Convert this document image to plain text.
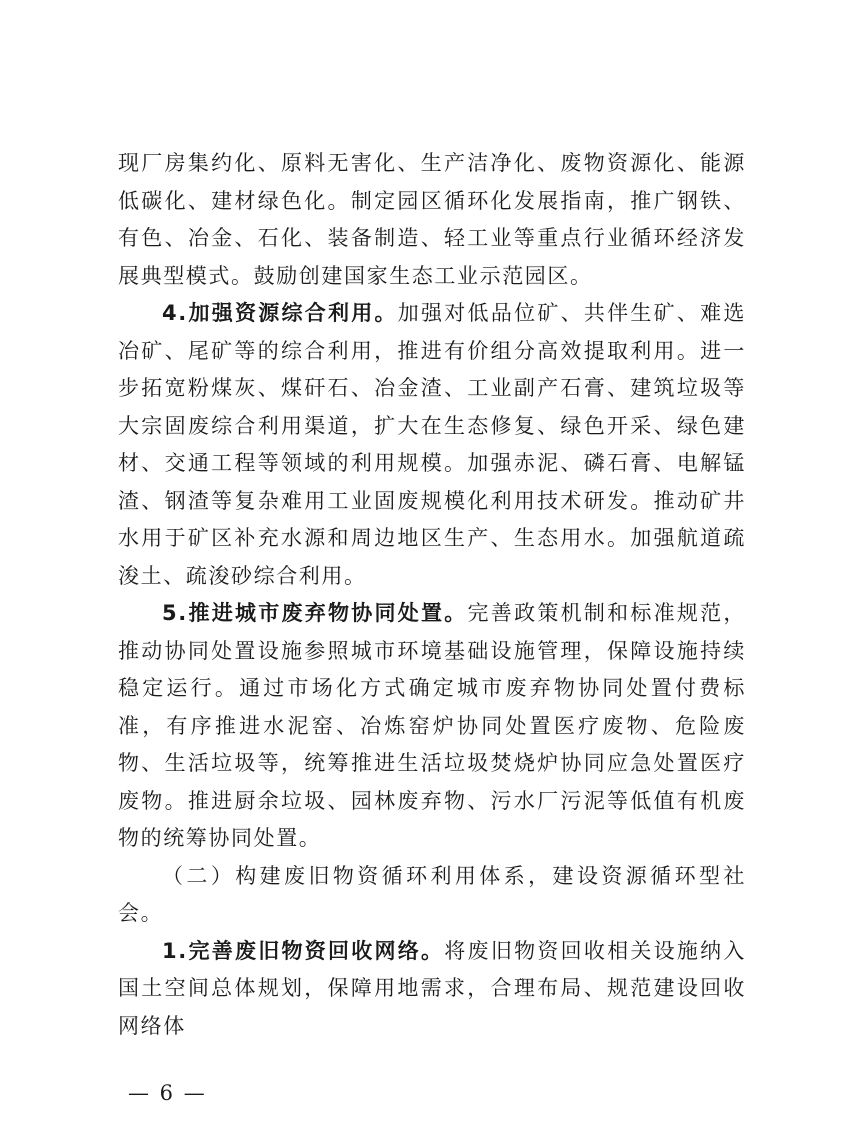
现厂房集约化、原料无害化、生产洁净化、废物资源化、能源低碳化、建材绿色化。制定园区循环化发展指南，推广钢铁、有色、冶金、石化、装备制造、轻工业等重点行业循环经济发展典型模式。鼓励创建国家生态工业示范园区。

4.加强资源综合利用。加强对低品位矿、共伴生矿、难选冶矿、尾矿等的综合利用，推进有价组分高效提取利用。进一步拓宽粉煤灰、煤矸石、冶金渣、工业副产石膏、建筑垃圾等大宗固废综合利用渠道，扩大在生态修复、绿色开采、绿色建材、交通工程等领域的利用规模。加强赤泥、磷石膏、电解锰渣、钢渣等复杂难用工业固废规模化利用技术研发。推动矿井水用于矿区补充水源和周边地区生产、生态用水。加强航道疏浚土、疏浚砂综合利用。

5.推进城市废弃物协同处置。完善政策机制和标准规范，推动协同处置设施参照城市环境基础设施管理，保障设施持续稳定运行。通过市场化方式确定城市废弃物协同处置付费标准，有序推进水泥窑、冶炼窑炉协同处置医疗废物、危险废物、生活垃圾等，统筹推进生活垃圾焚烧炉协同应急处置医疗废物。推进厨余垃圾、园林废弃物、污水厂污泥等低值有机废物的统筹协同处置。

（二）构建废旧物资循环利用体系，建设资源循环型社会。

1.完善废旧物资回收网络。将废旧物资回收相关设施纳入国土空间总体规划，保障用地需求，合理布局、规范建设回收网络体

— 6 —
